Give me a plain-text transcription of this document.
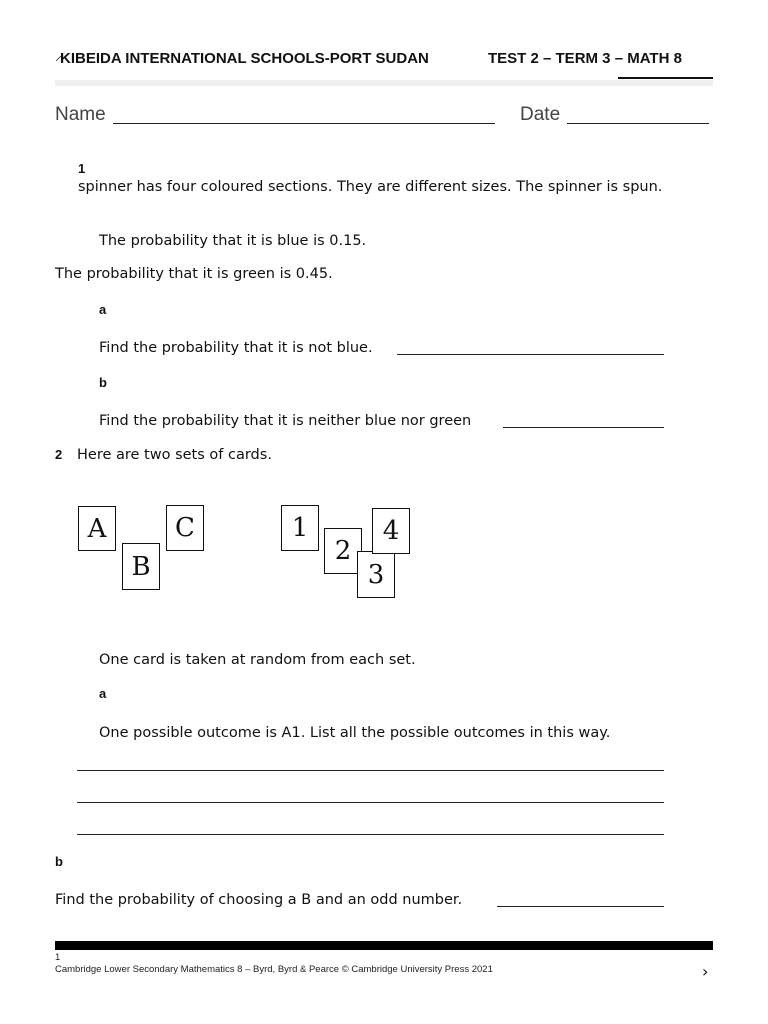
⸝
KIBEIDA INTERNATIONAL SCHOOLS-PORT SUDAN	TEST 2 – TERM 3 – MATH 8
Name	Date
1
spinner has four coloured sections. They are different sizes. The spinner is spun.
The probability that it is blue is 0.15.
The probability that it is green is 0.45.
a
Find the probability that it is not blue.
b
Find the probability that it is neither blue nor green
2 Here are two sets of cards.
A
B
C	1
2
3
4
One card is taken at random from each set.
a
One possible outcome is A1. List all the possible outcomes in this way.
b
Find the probability of choosing a B and an odd number.
1
Cambridge Lower Secondary Mathematics 8 – Byrd, Byrd & Pearce © Cambridge University Press 2021	›
